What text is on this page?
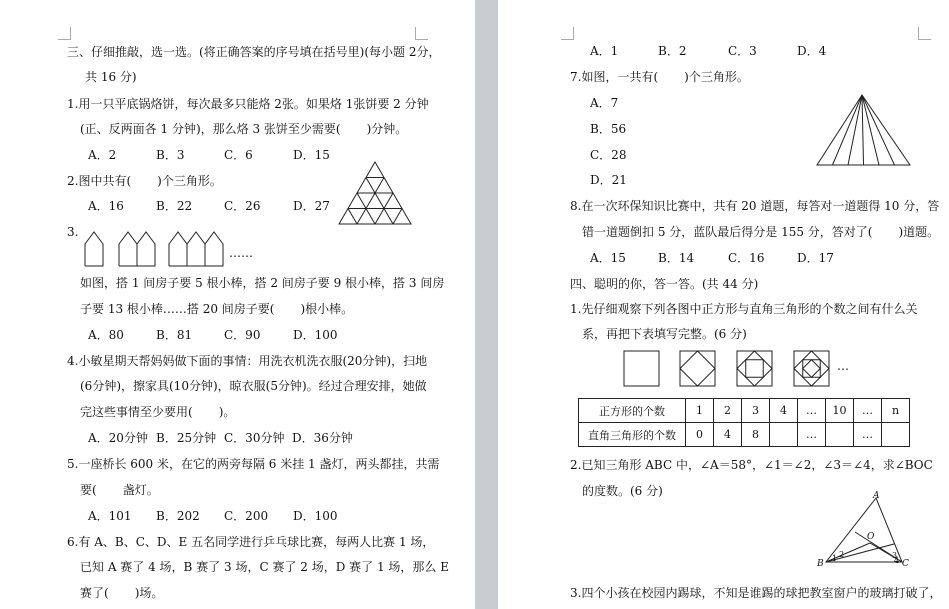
三、仔细推敲，选一选。(将正确答案的序号填在括号里)(每小题 2分，
共 16 分)
1.用一只平底锅烙饼，每次最多只能烙 2张。如果烙 1张饼要 2 分钟
(正、反两面各 1 分钟)，那么烙 3 张饼至少需要( )分钟。
A．2	B．3	C．6	D．15
2.图中共有( )个三角形。
A．16	B．22	C．26	D．27
3.
……
如图，搭 1 间房子要 5 根小棒，搭 2 间房子要 9 根小棒，搭 3 间房
子要 13 根小棒……搭 20 间房子要( )根小棒。
A．80	B．81	C．90	D．100
4.小敏星期天帮妈妈做下面的事情：用洗衣机洗衣服(20分钟)，扫地
(6分钟)，擦家具(10分钟)，晾衣服(5分钟)。经过合理安排，她做
完这些事情至少要用( )。
A．20分钟 B．25分钟 C．30分钟 D．36分钟
5.一座桥长 600 米，在它的两旁每隔 6 米挂 1 盏灯，两头都挂，共需
要( 盏灯。
A．101 B．202 C．200 D．100
6.有 A、B、C、D、E 五名同学进行乒乓球比赛，每两人比赛 1 场，
已知 A 赛了 4 场，B 赛了 3 场，C 赛了 2 场，D 赛了 1 场，那么 E
赛了( )场。
A．1	B．2	C．3	D．4
7.如图，一共有( )个三角形。
A．7
B．56
C．28
D．21
8.在一次环保知识比赛中，共有 20 道题，每答对一道题得 10 分，答
错一道题倒扣 5 分，蓝队最后得分是 155 分，答对了( )道题。
A．15	B．14	C．16	D．17
四、聪明的你，答一答。(共 44 分)
1.先仔细观察下列各图中正方形与直角三角形的个数之间有什么关
系，再把下表填写完整。(6 分)
…
正方形的个数	1	2	3	4	…	10	…	n
直角三角形的个数	0	4	8		…		…	
2.已知三角形 ABC 中，∠A＝58°，∠1＝∠2，∠3＝∠4，求∠BOC
的度数。(6 分)	A
B	C
O
1 2	3
4
3.四个小孩在校园内踢球，不知是谁踢的球把教室窗户的玻璃打破了，
